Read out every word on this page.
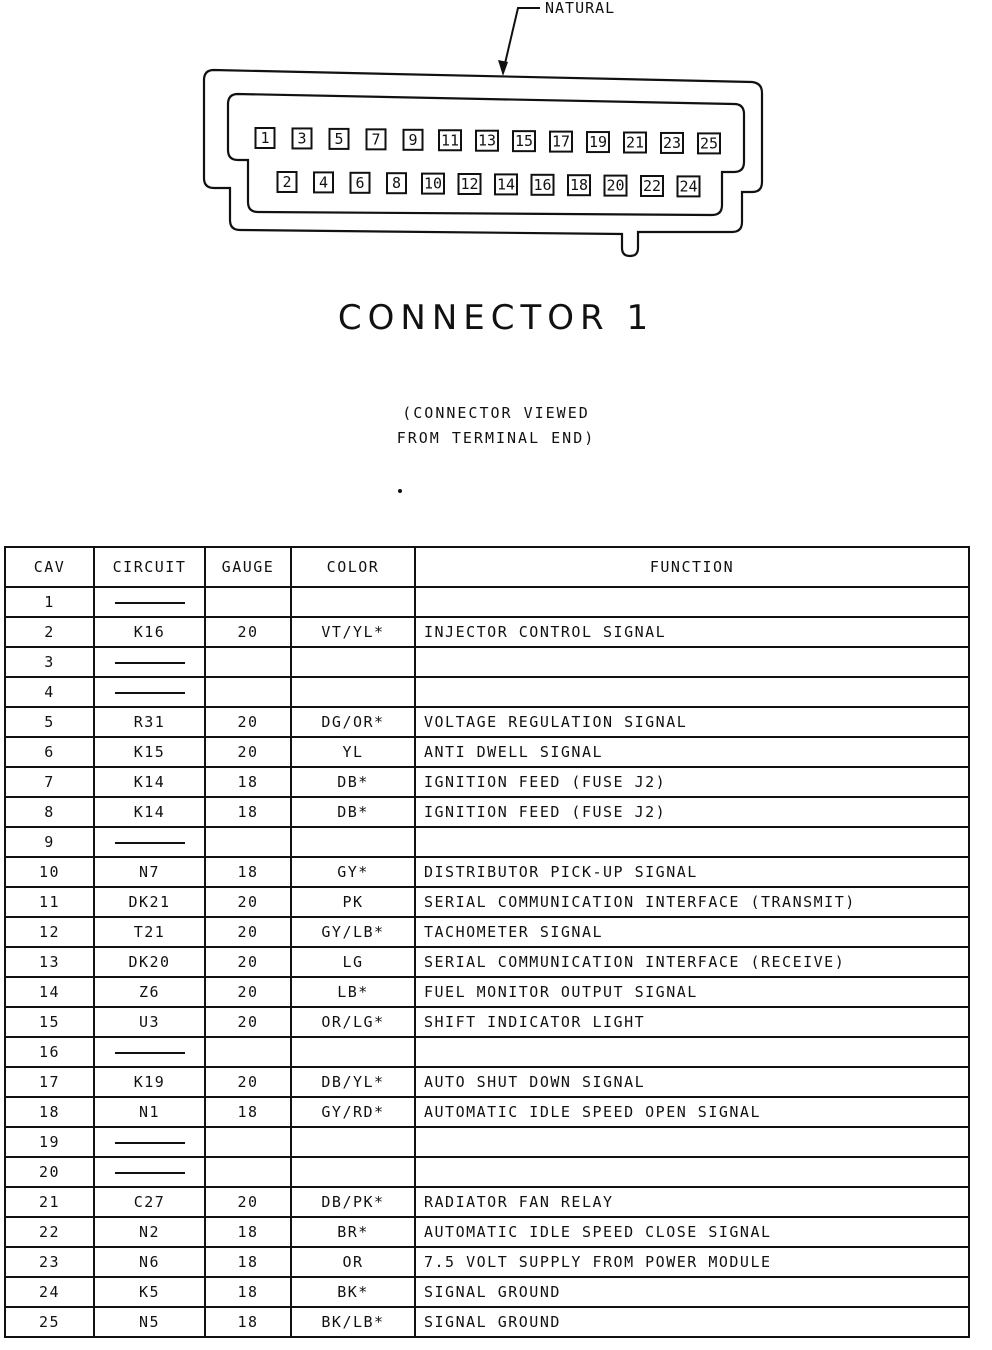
NATURAL
1 3 5 7 9 11 13 15 17 19 21 23 25
2 4 6 8 10 12 14 16 18 20 22 24
CONNECTOR 1
(CONNECTOR VIEWED
FROM TERMINAL END)
CAV	CIRCUIT	GAUGE	COLOR	FUNCTION
1				
2	K16	20	VT/YL*	INJECTOR CONTROL SIGNAL
3				
4				
5	R31	20	DG/OR*	VOLTAGE REGULATION SIGNAL
6	K15	20	YL	ANTI DWELL SIGNAL
7	K14	18	DB*	IGNITION FEED (FUSE J2)
8	K14	18	DB*	IGNITION FEED (FUSE J2)
9				
10	N7	18	GY*	DISTRIBUTOR PICK-UP SIGNAL
11	DK21	20	PK	SERIAL COMMUNICATION INTERFACE (TRANSMIT)
12	T21	20	GY/LB*	TACHOMETER SIGNAL
13	DK20	20	LG	SERIAL COMMUNICATION INTERFACE (RECEIVE)
14	Z6	20	LB*	FUEL MONITOR OUTPUT SIGNAL
15	U3	20	OR/LG*	SHIFT INDICATOR LIGHT
16				
17	K19	20	DB/YL*	AUTO SHUT DOWN SIGNAL
18	N1	18	GY/RD*	AUTOMATIC IDLE SPEED OPEN SIGNAL
19				
20				
21	C27	20	DB/PK*	RADIATOR FAN RELAY
22	N2	18	BR*	AUTOMATIC IDLE SPEED CLOSE SIGNAL
23	N6	18	OR	7.5 VOLT SUPPLY FROM POWER MODULE
24	K5	18	BK*	SIGNAL GROUND
25	N5	18	BK/LB*	SIGNAL GROUND
